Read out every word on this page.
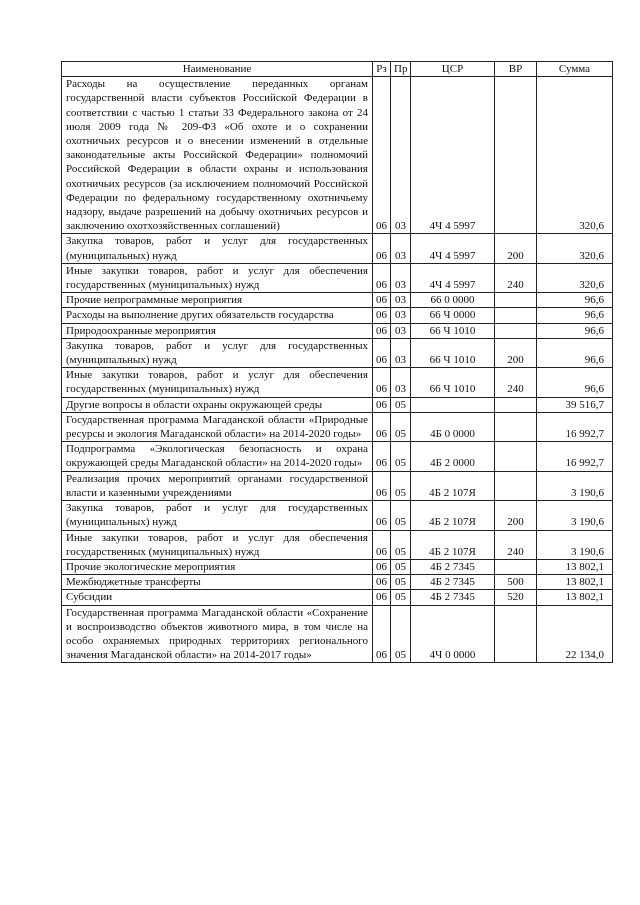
Наименование	Рз	Пр	ЦСР	ВР	Сумма
Расходы на осуществление переданных органам государственной власти субъектов Российской Федерации в соответствии с частью 1 статьи 33 Федерального закона от 24 июля 2009 года № 209-ФЗ «Об охоте и о сохранении охотничьих ресурсов и о внесении изменений в отдельные законодательные акты Российской Федерации» полномочий Российской Федерации в области охраны и использования охотничьих ресурсов (за исключением полномочий Российской Федерации по федеральному государственному охотничьему надзору, выдаче разрешений на добычу охотничьих ресурсов и заключению охотхозяйственных соглашений)	06	03	4Ч 4 5997		320,6
Закупка товаров, работ и услуг для государственных (муниципальных) нужд	06	03	4Ч 4 5997	200	320,6
Иные закупки товаров, работ и услуг для обеспечения государственных (муниципальных) нужд	06	03	4Ч 4 5997	240	320,6
Прочие непрограммные мероприятия	06	03	66 0 0000		96,6
Расходы на выполнение других обязательств государства	06	03	66 Ч 0000		96,6
Природоохранные мероприятия	06	03	66 Ч 1010		96,6
Закупка товаров, работ и услуг для государственных (муниципальных) нужд	06	03	66 Ч 1010	200	96,6
Иные закупки товаров, работ и услуг для обеспечения государственных (муниципальных) нужд	06	03	66 Ч 1010	240	96,6
Другие вопросы в области охраны окружающей среды	06	05			39 516,7
Государственная программа Магаданской области «Природные ресурсы и экология Магаданской области» на 2014-2020 годы»	06	05	4Б 0 0000		16 992,7
Подпрограмма «Экологическая безопасность и охрана окружающей среды Магаданской области» на 2014-2020 годы»	06	05	4Б 2 0000		16 992,7
Реализация прочих мероприятий органами государственной власти и казенными учреждениями	06	05	4Б 2 107Я		3 190,6
Закупка товаров, работ и услуг для государственных (муниципальных) нужд	06	05	4Б 2 107Я	200	3 190,6
Иные закупки товаров, работ и услуг для обеспечения государственных (муниципальных) нужд	06	05	4Б 2 107Я	240	3 190,6
Прочие экологические мероприятия	06	05	4Б 2 7345		13 802,1
Межбюджетные трансферты	06	05	4Б 2 7345	500	13 802,1
Субсидии	06	05	4Б 2 7345	520	13 802,1
Государственная программа Магаданской области «Сохранение и воспроизводство объектов животного мира, в том числе на особо охраняемых природных территориях регионального значения Магаданской области» на 2014-2017 годы»	06	05	4Ч 0 0000		22 134,0
